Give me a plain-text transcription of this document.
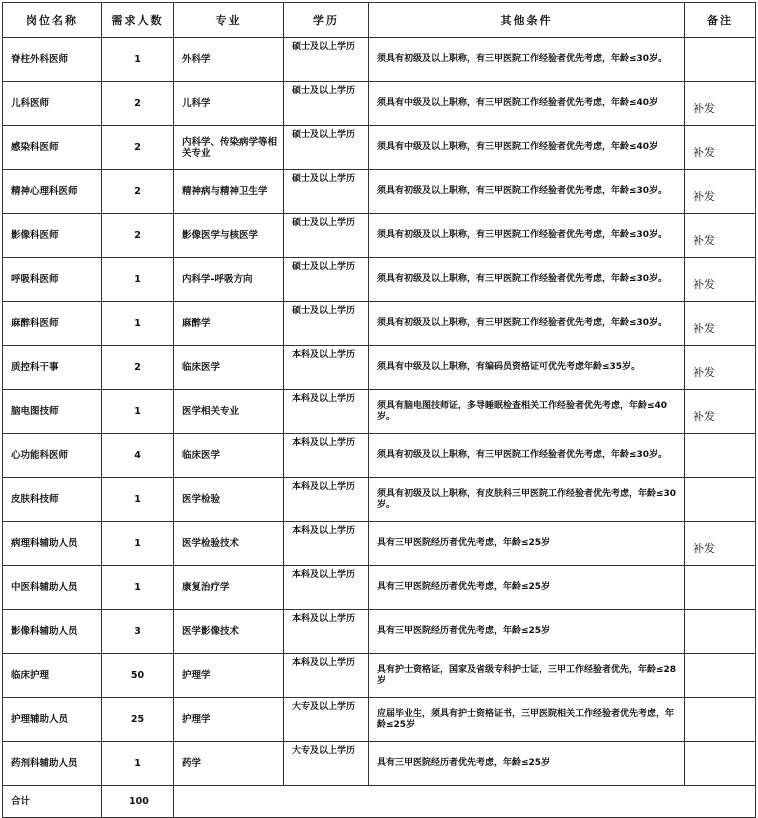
岗位名称	需求人数	专业	学历	其他条件	备注
脊柱外科医师	1	外科学	硕士及以上学历	须具有初级及以上职称，有三甲医院工作经验者优先考虑，年龄≤30岁。	
儿科医师	2	儿科学	硕士及以上学历	须具有中级及以上职称，有三甲医院工作经验者优先考虑，年龄≤40岁	补发
感染科医师	2	内科学、传染病学等相关专业	硕士及以上学历	须具有中级及以上职称，有三甲医院工作经验者优先考虑，年龄≤40岁	补发
精神心理科医师	2	精神病与精神卫生学	硕士及以上学历	须具有初级及以上职称，有三甲医院工作经验者优先考虑，年龄≤30岁。	补发
影像科医师	2	影像医学与核医学	硕士及以上学历	须具有初级及以上职称，有三甲医院工作经验者优先考虑，年龄≤30岁。	补发
呼吸科医师	1	内科学-呼吸方向	硕士及以上学历	须具有初级及以上职称，有三甲医院工作经验者优先考虑，年龄≤30岁。	补发
麻醉科医师	1	麻醉学	硕士及以上学历	须具有初级及以上职称，有三甲医院工作经验者优先考虑，年龄≤30岁。	补发
质控科干事	2	临床医学	本科及以上学历	须具有中级及以上职称，有编码员资格证可优先考虑年龄≤35岁。	补发
脑电图技师	1	医学相关专业	本科及以上学历	须具有脑电图技师证，多导睡眠检查相关工作经验者优先考虑，年龄≤40岁。	补发
心功能科医师	4	临床医学	本科及以上学历	须具有初级及以上职称，有三甲医院工作经验者优先考虑，年龄≤30岁。	
皮肤科技师	1	医学检验	本科及以上学历	须具有初级及以上职称，有皮肤科三甲医院工作经验者优先考虑，年龄≤30岁。	
病理科辅助人员	1	医学检验技术	本科及以上学历	具有三甲医院经历者优先考虑，年龄≤25岁	补发
中医科辅助人员	1	康复治疗学	本科及以上学历	具有三甲医院经历者优先考虑，年龄≤25岁	
影像科辅助人员	3	医学影像技术	本科及以上学历	具有三甲医院经历者优先考虑，年龄≤25岁	
临床护理	50	护理学	本科及以上学历	具有护士资格证，国家及省级专科护士证，三甲工作经验者优先，年龄≤28岁	
护理辅助人员	25	护理学	大专及以上学历	应届毕业生，须具有护士资格证书，三甲医院相关工作经验者优先考虑，年龄≤25岁	
药剂科辅助人员	1	药学	大专及以上学历	具有三甲医院经历者优先考虑，年龄≤25岁	
合计	100				
